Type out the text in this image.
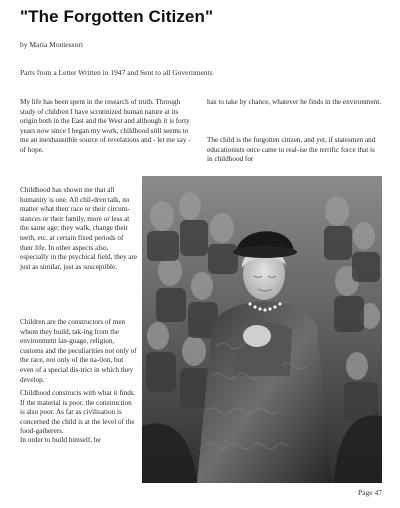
"The Forgotten Citizen"
by Maria Montessori
Parts from a Letter Written in 1947 and Sent to all Governments

My life has been spent in the research of truth. Through study of children I have scrutinized human nature at its origin both in the East and the West and although it is forty years now since I began my work, childhood still seems to me an inexhaustible source of revelations and - let me say - of hope.

has to take by chance, whatever he finds in the environment.

The child is the forgotten citizen, and yet, if statesmen and educationists once came to real-ise the terrific force that is in childhood for

Childhood has shown me that all humanity is one. All chil-dren talk, no matter what their race or their circum-stances or their family, more or less at the same age; they walk, change their teeth, etc. at certain fixed periods of their life. In other aspects also, especially in the psychical field, they are just as similar, just as susceptible.

Children are the constructors of men whom they build, tak-ing from the environment lan-guage, religion, customs and the peculiarities not only of the race, not only of the na-tion, but even of a special dis-trict in which they develop.

Childhood constructs with what it finds. If the material is poor, the construction is also poor. As far as civilisation is concerned the child is at the level of the food-gatherers.

In order to build himself, he

Page 47
